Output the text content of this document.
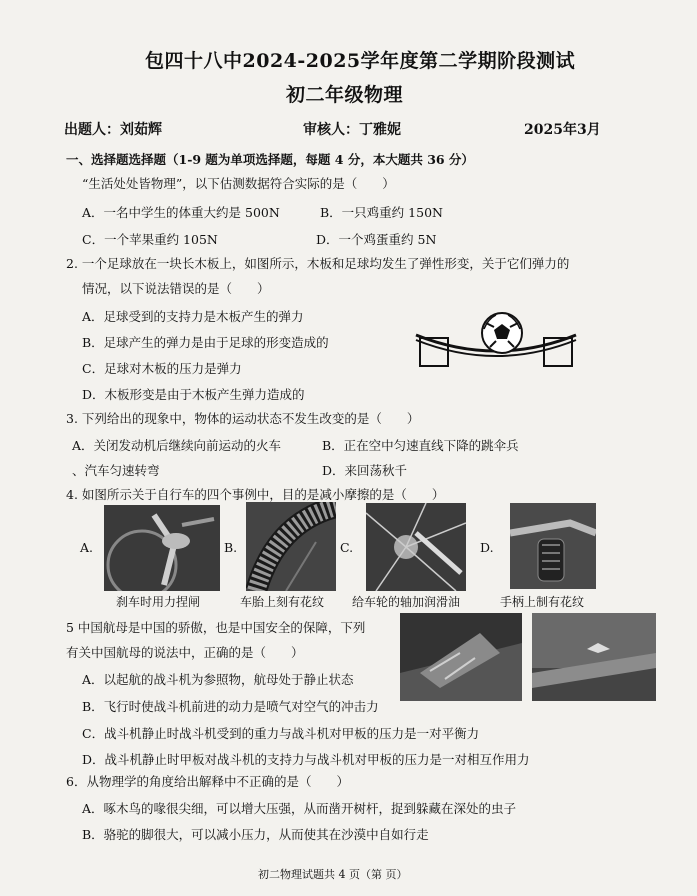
包四十八中2024-2025学年度第二学期阶段测试
初二年级物理
出题人：刘茹辉	审核人：丁雅妮	2025年3月
一、选择题选择题（1-9 题为单项选择题，每题 4 分，本大题共 36 分）
“生活处处皆物理”，以下估测数据符合实际的是（　　）
A．一名中学生的体重大约是 500N	B．一只鸡重约 150N
C．一个苹果重约 105N	D．一个鸡蛋重约 5N
2. 一个足球放在一块长木板上，如图所示，木板和足球均发生了弹性形变，关于它们弹力的
情况，以下说法错误的是（　　）
A．足球受到的支持力是木板产生的弹力
B．足球产生的弹力是由于足球的形变造成的
C．足球对木板的压力是弹力
D．木板形变是由于木板产生弹力造成的
3. 下列给出的现象中，物体的运动状态不发生改变的是（　　）
A．关闭发动机后继续向前运动的火车	B．正在空中匀速直线下降的跳伞兵
、汽车匀速转弯	D．来回荡秋千
4. 如图所示关于自行车的四个事例中，目的是减小摩擦的是（　　）
A.	B.	C.	D.
刹车时用力捏闸	车胎上刻有花纹 给车轮的轴加润滑油	手柄上制有花纹
5 中国航母是中国的骄傲，也是中国安全的保障，下列
有关中国航母的说法中，正确的是（　　）
A．以起航的战斗机为参照物，航母处于静止状态
B．飞行时使战斗机前进的动力是喷气对空气的冲击力
C．战斗机静止时战斗机受到的重力与战斗机对甲板的压力是一对平衡力
D．战斗机静止时甲板对战斗机的支持力与战斗机对甲板的压力是一对相互作用力
6．从物理学的角度给出解释中不正确的是（　　）
A．啄木鸟的喙很尖细，可以增大压强，从而凿开树杆，捉到躲藏在深处的虫子
B．骆驼的脚很大，可以减小压力，从而使其在沙漠中自如行走
初二物理试题共 4 页（第 页）
